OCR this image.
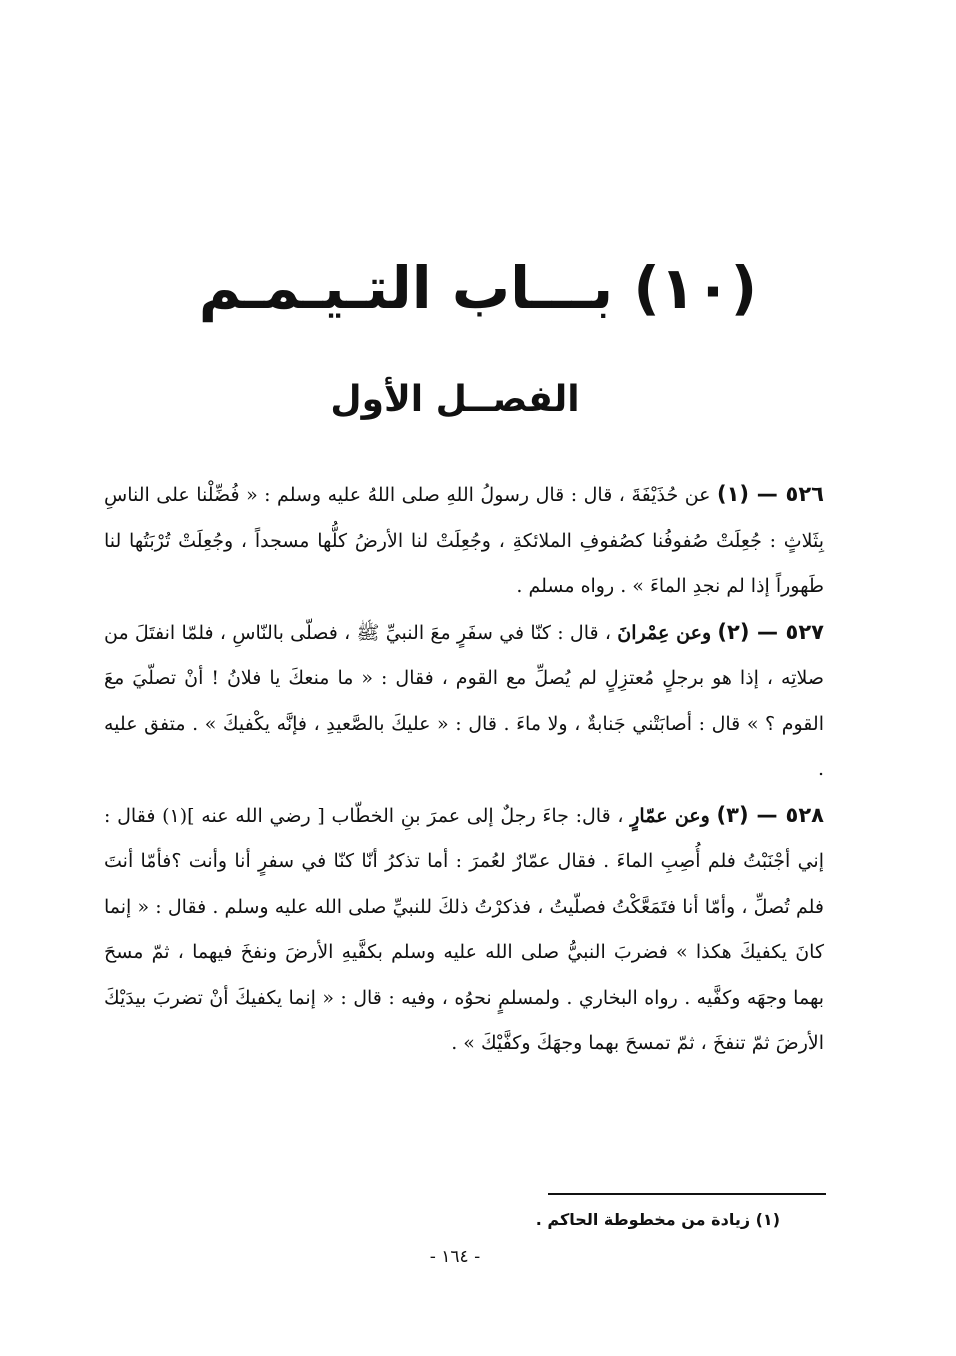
(١٠) بـــاب التـيـمـم
الفصــل الأول

٥٢٦ — (١) عن حُذَيْفَةَ ، قال : قال رسولُ اللهِ صلى اللهُ عليه وسلم : « فُضِّلْنا على الناسِ بِثَلاثٍ : جُعِلَتْ صُفوفُنا كصُفوفِ الملائكةِ ، وجُعِلَتْ لنا الأرضُ كلُّها مسجداً ، وجُعِلَتْ تُرْبَتُها لنا طَهوراً إذا لم نجدِ الماءَ » . رواه مسلم .

٥٢٧ — (٢) وعن عِمْرانَ ، قال : كنّا في سفَرٍ معَ النبيِّ ﷺ ، فصلّى بالنّاسِ ، فلمّا انفتَلَ من صلاتِه ، إذا هو برجلٍ مُعتزِلٍ لم يُصلِّ مع القوم ، فقال : « ما منعكَ يا فلانُ ! أنْ تصلّيَ معَ القوم ؟ » قال : أصابَتْني جَنابةٌ ، ولا ماءَ . قال : « عليكَ بالصَّعيدِ ، فإنَّه يكْفيكَ » . متفق عليه .

٥٢٨ — (٣) وعن عمّارٍ ، قال: جاءَ رجلٌ إلى عمرَ بنِ الخطّاب [ رضي الله عنه ](١) فقال : إني أجْنَبْتُ فلم أُصِبِ الماءَ . فقال عمّارٌ لعُمرَ : أما تذكرُ أنّا كنّا في سفرٍ أنا وأنت ؟فأمّا أنتَ فلم تُصلِّ ، وأمّا أنا فتَمَعَّكْتُ فصلّيتُ ، فذكرْتُ ذلكَ للنبيِّ صلى الله عليه وسلم . فقال : « إنما كانَ يكفيكَ هكذا » فضربَ النبيُّ صلى الله عليه وسلم بكفَّيهِ الأرضَ ونفخَ فيهما ، ثمّ مسحَ بهما وجهَه وكفَّيه . رواه البخاري . ولمسلمٍ نحوُه ، وفيه : قال : « إنما يكفيكَ أنْ تضربَ بيدَيْكَ الأرضَ ثمّ تنفخَ ، ثمّ تمسحَ بهما وجهَكَ وكفَّيْكَ » .

(١) زيادة من مخطوطة الحاكم .
- ١٦٤ -
